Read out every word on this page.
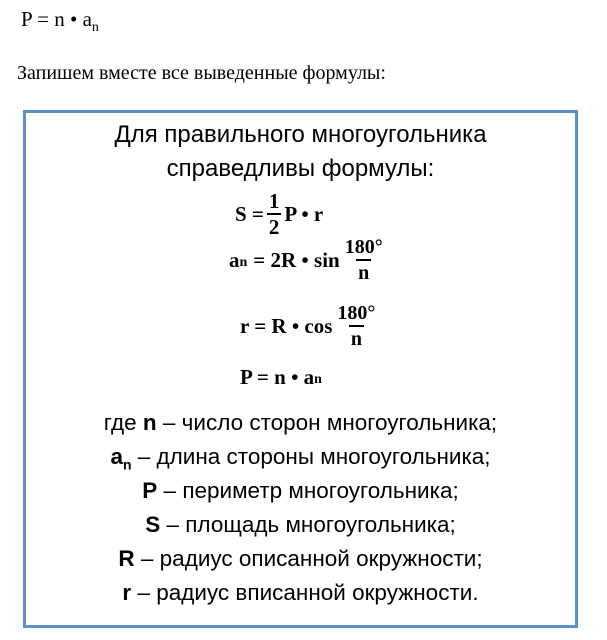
P = n • $a_n$
Запишем вместе все выведенные формулы:
Для правильного многоугольника
справедливы формулы:
$S = \frac{1}{2}$ P • r
$a_n = 2R$ • $\sin \frac{180^\circ}{n}$
r = R • $\cos \frac{180^\circ}{n}$
P = n • $a_n$
где n – число сторон многоугольника;
$a_n$ – длина стороны многоугольника;
P – периметр многоугольника;
S – площадь многоугольника;
R – радиус описанной окружности;
r – радиус вписанной окружности.
